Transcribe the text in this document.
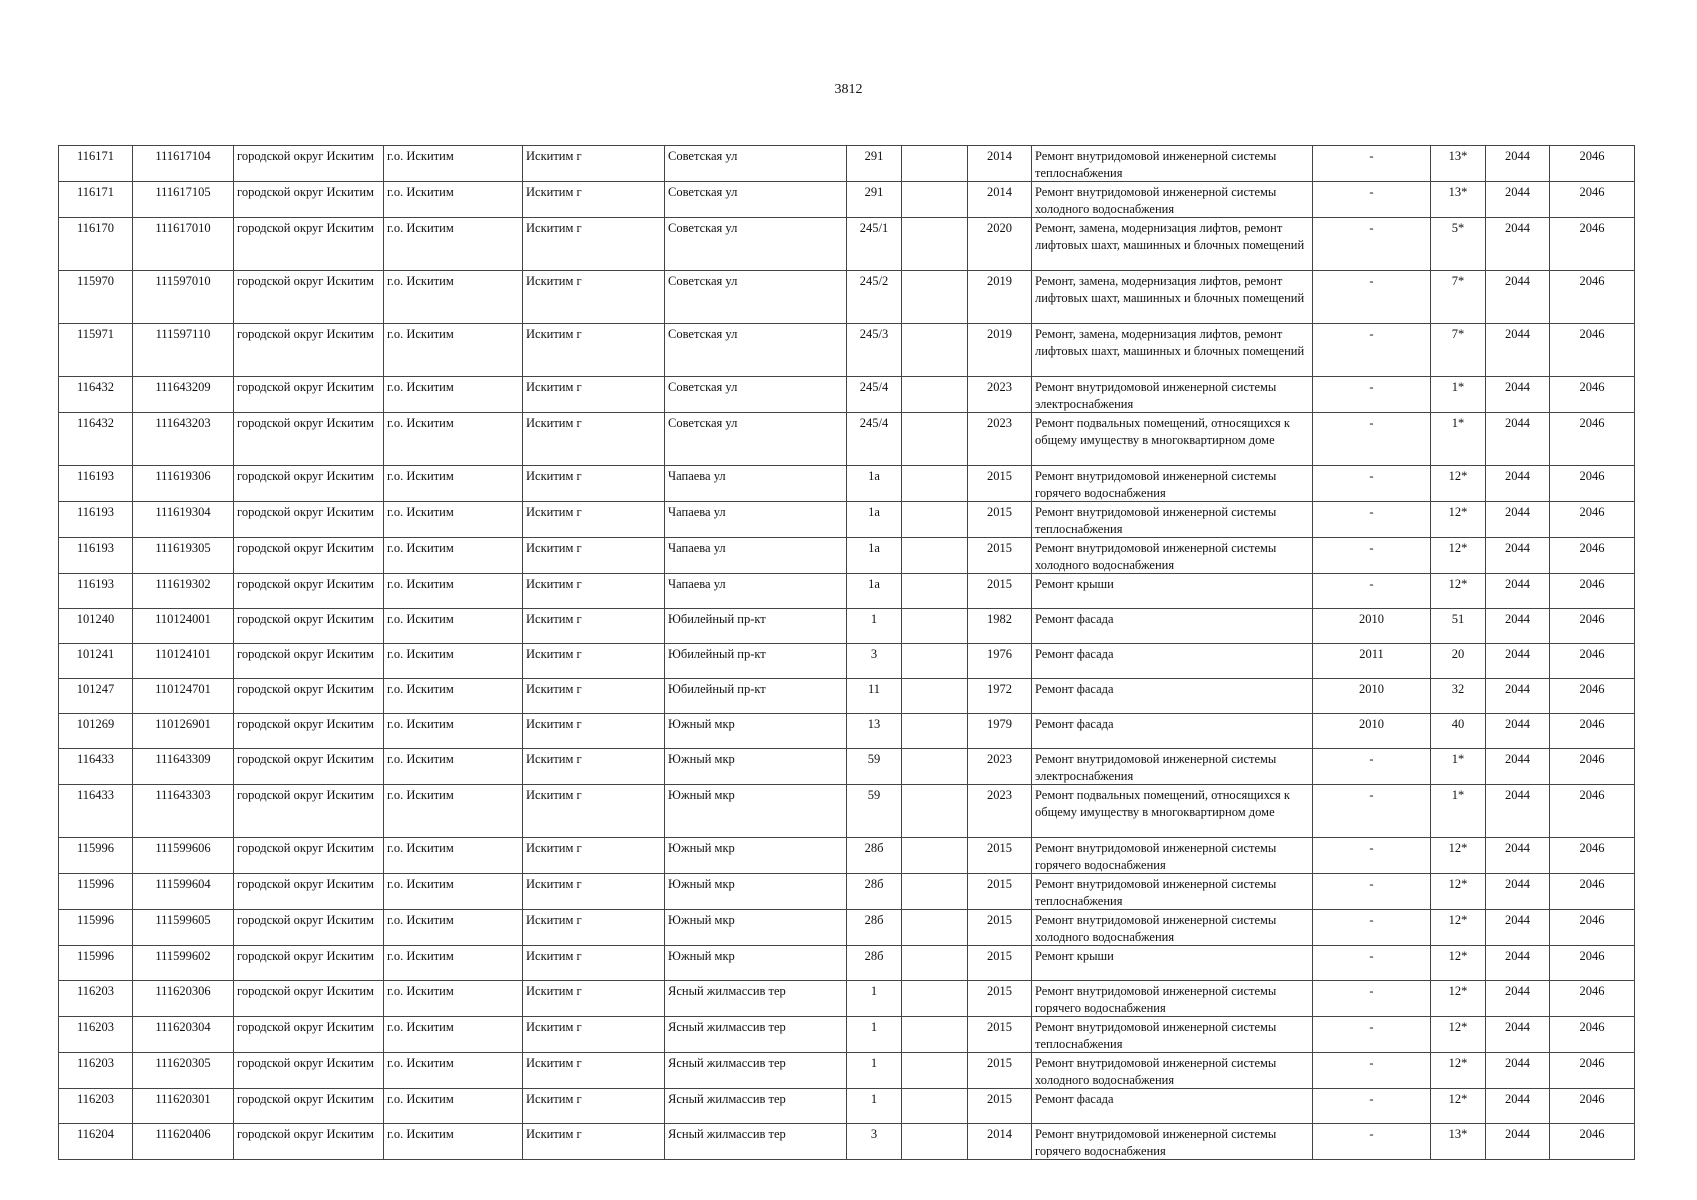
3812
116171	111617104	городской округ Искитим	г.о. Искитим	Искитим г	Советская ул	291		2014	Ремонт внутридомовой инженерной системы теплоснабжения	-	13*	2044	2046
116171	111617105	городской округ Искитим	г.о. Искитим	Искитим г	Советская ул	291		2014	Ремонт внутридомовой инженерной системы холодного водоснабжения	-	13*	2044	2046
116170	111617010	городской округ Искитим	г.о. Искитим	Искитим г	Советская ул	245/1		2020	Ремонт, замена, модернизация лифтов, ремонт лифтовых шахт, машинных и блочных помещений	-	5*	2044	2046
115970	111597010	городской округ Искитим	г.о. Искитим	Искитим г	Советская ул	245/2		2019	Ремонт, замена, модернизация лифтов, ремонт лифтовых шахт, машинных и блочных помещений	-	7*	2044	2046
115971	111597110	городской округ Искитим	г.о. Искитим	Искитим г	Советская ул	245/3		2019	Ремонт, замена, модернизация лифтов, ремонт лифтовых шахт, машинных и блочных помещений	-	7*	2044	2046
116432	111643209	городской округ Искитим	г.о. Искитим	Искитим г	Советская ул	245/4		2023	Ремонт внутридомовой инженерной системы электроснабжения	-	1*	2044	2046
116432	111643203	городской округ Искитим	г.о. Искитим	Искитим г	Советская ул	245/4		2023	Ремонт подвальных помещений, относящихся к общему имуществу в многоквартирном доме	-	1*	2044	2046
116193	111619306	городской округ Искитим	г.о. Искитим	Искитим г	Чапаева ул	1а		2015	Ремонт внутридомовой инженерной системы горячего водоснабжения	-	12*	2044	2046
116193	111619304	городской округ Искитим	г.о. Искитим	Искитим г	Чапаева ул	1а		2015	Ремонт внутридомовой инженерной системы теплоснабжения	-	12*	2044	2046
116193	111619305	городской округ Искитим	г.о. Искитим	Искитим г	Чапаева ул	1а		2015	Ремонт внутридомовой инженерной системы холодного водоснабжения	-	12*	2044	2046
116193	111619302	городской округ Искитим	г.о. Искитим	Искитим г	Чапаева ул	1а		2015	Ремонт крыши	-	12*	2044	2046
101240	110124001	городской округ Искитим	г.о. Искитим	Искитим г	Юбилейный пр-кт	1		1982	Ремонт фасада	2010	51	2044	2046
101241	110124101	городской округ Искитим	г.о. Искитим	Искитим г	Юбилейный пр-кт	3		1976	Ремонт фасада	2011	20	2044	2046
101247	110124701	городской округ Искитим	г.о. Искитим	Искитим г	Юбилейный пр-кт	11		1972	Ремонт фасада	2010	32	2044	2046
101269	110126901	городской округ Искитим	г.о. Искитим	Искитим г	Южный мкр	13		1979	Ремонт фасада	2010	40	2044	2046
116433	111643309	городской округ Искитим	г.о. Искитим	Искитим г	Южный мкр	59		2023	Ремонт внутридомовой инженерной системы электроснабжения	-	1*	2044	2046
116433	111643303	городской округ Искитим	г.о. Искитим	Искитим г	Южный мкр	59		2023	Ремонт подвальных помещений, относящихся к общему имуществу в многоквартирном доме	-	1*	2044	2046
115996	111599606	городской округ Искитим	г.о. Искитим	Искитим г	Южный мкр	28б		2015	Ремонт внутридомовой инженерной системы горячего водоснабжения	-	12*	2044	2046
115996	111599604	городской округ Искитим	г.о. Искитим	Искитим г	Южный мкр	28б		2015	Ремонт внутридомовой инженерной системы теплоснабжения	-	12*	2044	2046
115996	111599605	городской округ Искитим	г.о. Искитим	Искитим г	Южный мкр	28б		2015	Ремонт внутридомовой инженерной системы холодного водоснабжения	-	12*	2044	2046
115996	111599602	городской округ Искитим	г.о. Искитим	Искитим г	Южный мкр	28б		2015	Ремонт крыши	-	12*	2044	2046
116203	111620306	городской округ Искитим	г.о. Искитим	Искитим г	Ясный жилмассив тер	1		2015	Ремонт внутридомовой инженерной системы горячего водоснабжения	-	12*	2044	2046
116203	111620304	городской округ Искитим	г.о. Искитим	Искитим г	Ясный жилмассив тер	1		2015	Ремонт внутридомовой инженерной системы теплоснабжения	-	12*	2044	2046
116203	111620305	городской округ Искитим	г.о. Искитим	Искитим г	Ясный жилмассив тер	1		2015	Ремонт внутридомовой инженерной системы холодного водоснабжения	-	12*	2044	2046
116203	111620301	городской округ Искитим	г.о. Искитим	Искитим г	Ясный жилмассив тер	1		2015	Ремонт фасада	-	12*	2044	2046
116204	111620406	городской округ Искитим	г.о. Искитим	Искитим г	Ясный жилмассив тер	3		2014	Ремонт внутридомовой инженерной системы горячего водоснабжения	-	13*	2044	2046
